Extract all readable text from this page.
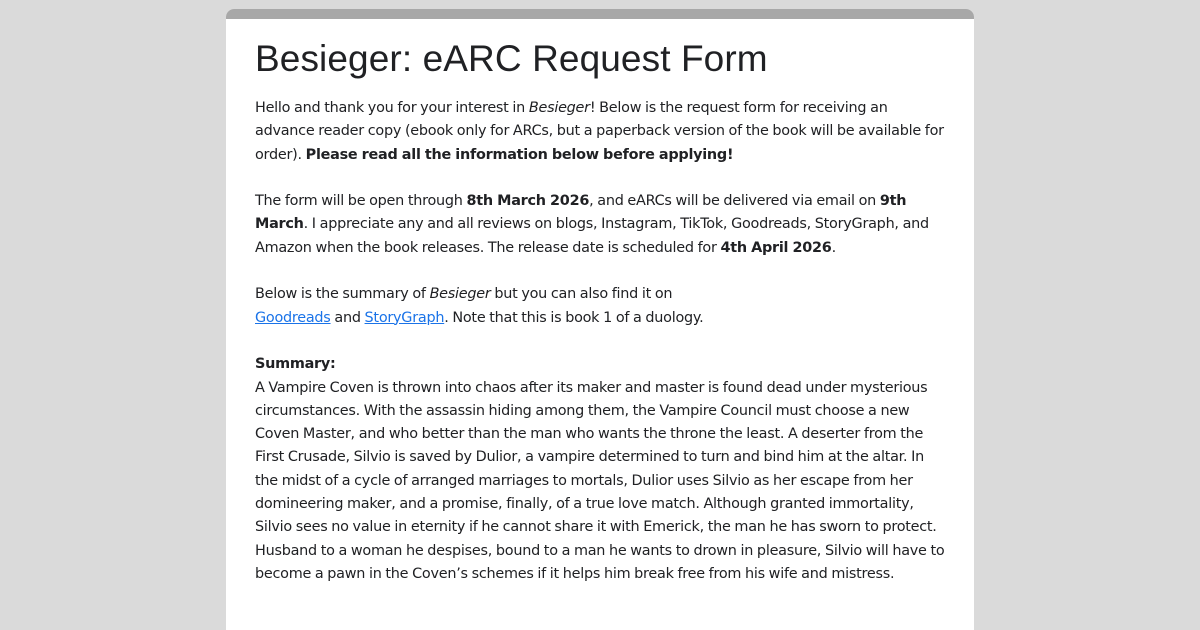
Besieger: eARC Request Form

Hello and thank you for your interest in Besieger! Below is the request form for receiving an advance reader copy (ebook only for ARCs, but a paperback version of the book will be available for order). Please read all the information below before applying!

The form will be open through 8th March 2026, and eARCs will be delivered via email on 9th March. I appreciate any and all reviews on blogs, Instagram, TikTok, Goodreads, StoryGraph, and Amazon when the book releases. The release date is scheduled for 4th April 2026.

Below is the summary of Besieger but you can also find it on
Goodreads and StoryGraph. Note that this is book 1 of a duology.

Summary:
A Vampire Coven is thrown into chaos after its maker and master is found dead under mysterious circumstances. With the assassin hiding among them, the Vampire Council must choose a new Coven Master, and who better than the man who wants the throne the least. A deserter from the First Crusade, Silvio is saved by Dulior, a vampire determined to turn and bind him at the altar. In the midst of a cycle of arranged marriages to mortals, Dulior uses Silvio as her escape from her domineering maker, and a promise, finally, of a true love match. Although granted immortality, Silvio sees no value in eternity if he cannot share it with Emerick, the man he has sworn to protect. Husband to a woman he despises, bound to a man he wants to drown in pleasure, Silvio will have to become a pawn in the Coven’s schemes if it helps him break free from his wife and mistress.
